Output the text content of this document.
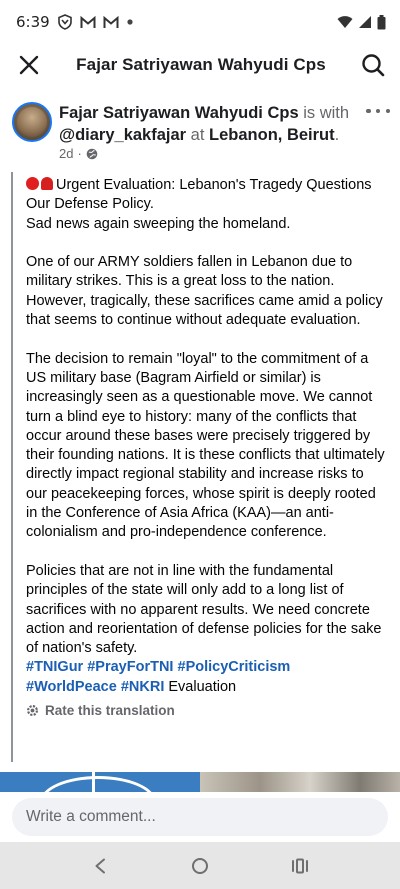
6:39
Fajar Satriyawan Wahyudi Cps
Fajar Satriyawan Wahyudi Cps is with @diary_kakfajar at Lebanon, Beirut.
2d ·
Urgent Evaluation: Lebanon's Tragedy Questions Our Defense Policy.
Sad news again sweeping the homeland.
One of our ARMY soldiers fallen in Lebanon due to military strikes. This is a great loss to the nation. However, tragically, these sacrifices came amid a policy that seems to continue without adequate evaluation.
The decision to remain "loyal" to the commitment of a US military base (Bagram Airfield or similar) is increasingly seen as a questionable move. We cannot turn a blind eye to history: many of the conflicts that occur around these bases were precisely triggered by their founding nations. It is these conflicts that ultimately directly impact regional stability and increase risks to our peacekeeping forces, whose spirit is deeply rooted in the Conference of Asia Africa (KAA)—an anti-colonialism and pro-independence conference.
Policies that are not in line with the fundamental principles of the state will only add to a long list of sacrifices with no apparent results. We need concrete action and reorientation of defense policies for the sake of nation's safety.
#TNIGur #PrayForTNI #PolicyCriticism #WorldPeace #NKRI Evaluation
Rate this translation
Write a comment...
